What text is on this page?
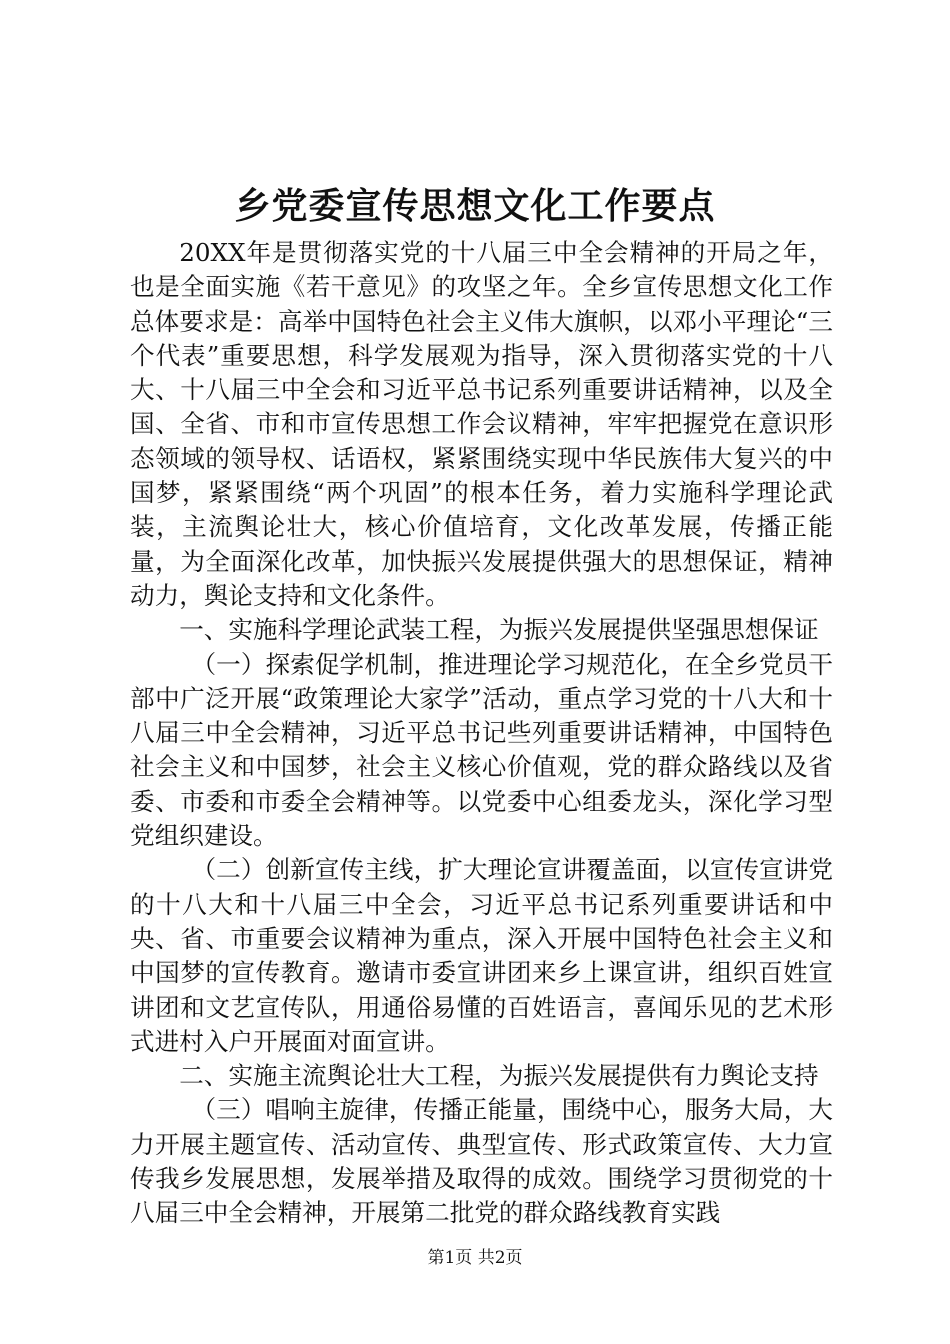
乡党委宣传思想文化工作要点

20XX年是贯彻落实党的十八届三中全会精神的开局之年，也是全面实施《若干意见》的攻坚之年。全乡宣传思想文化工作总体要求是：高举中国特色社会主义伟大旗帜，以邓小平理论“三个代表”重要思想，科学发展观为指导，深入贯彻落实党的十八大、十八届三中全会和习近平总书记系列重要讲话精神，以及全国、全省、市和市宣传思想工作会议精神，牢牢把握党在意识形态领域的领导权、话语权，紧紧围绕实现中华民族伟大复兴的中国梦，紧紧围绕“两个巩固”的根本任务，着力实施科学理论武装，主流舆论壮大，核心价值培育，文化改革发展，传播正能量，为全面深化改革，加快振兴发展提供强大的思想保证，精神动力，舆论支持和文化条件。

一、实施科学理论武装工程，为振兴发展提供坚强思想保证

（一）探索促学机制，推进理论学习规范化，在全乡党员干部中广泛开展“政策理论大家学”活动，重点学习党的十八大和十八届三中全会精神，习近平总书记些列重要讲话精神，中国特色社会主义和中国梦，社会主义核心价值观，党的群众路线以及省委、市委和市委全会精神等。以党委中心组委龙头，深化学习型党组织建设。

（二）创新宣传主线，扩大理论宣讲覆盖面，以宣传宣讲党的十八大和十八届三中全会，习近平总书记系列重要讲话和中央、省、市重要会议精神为重点，深入开展中国特色社会主义和中国梦的宣传教育。邀请市委宣讲团来乡上课宣讲，组织百姓宣讲团和文艺宣传队，用通俗易懂的百姓语言，喜闻乐见的艺术形式进村入户开展面对面宣讲。

二、实施主流舆论壮大工程，为振兴发展提供有力舆论支持

（三）唱响主旋律，传播正能量，围绕中心，服务大局，大力开展主题宣传、活动宣传、典型宣传、形式政策宣传、大力宣传我乡发展思想，发展举措及取得的成效。围绕学习贯彻党的十八届三中全会精神，开展第二批党的群众路线教育实践

第1页 共2页
